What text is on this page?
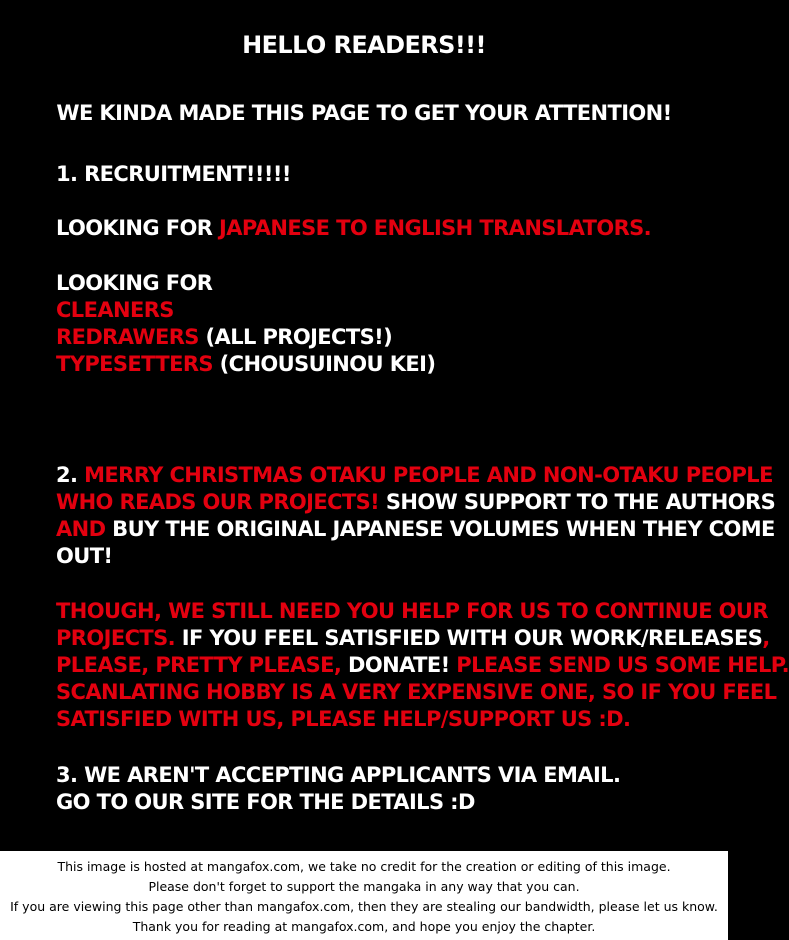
HELLO READERS!!!

WE KINDA MADE THIS PAGE TO GET YOUR ATTENTION!

1. RECRUITMENT!!!!!

LOOKING FOR JAPANESE TO ENGLISH TRANSLATORS.

LOOKING FOR

CLEANERS

REDRAWERS (ALL PROJECTS!)

TYPESETTERS (CHOUSUINOU KEI)

2. MERRY CHRISTMAS OTAKU PEOPLE AND NON-OTAKU PEOPLE

WHO READS OUR PROJECTS! SHOW SUPPORT TO THE AUTHORS

AND BUY THE ORIGINAL JAPANESE VOLUMES WHEN THEY COME

OUT!

THOUGH, WE STILL NEED YOU HELP FOR US TO CONTINUE OUR

PROJECTS. IF YOU FEEL SATISFIED WITH OUR WORK/RELEASES,

PLEASE, PRETTY PLEASE, DONATE! PLEASE SEND US SOME HELP.

SCANLATING HOBBY IS A VERY EXPENSIVE ONE, SO IF YOU FEEL

SATISFIED WITH US, PLEASE HELP/SUPPORT US :D.

3. WE AREN'T ACCEPTING APPLICANTS VIA EMAIL.

GO TO OUR SITE FOR THE DETAILS :D

This image is hosted at mangafox.com, we take no credit for the creation or editing of this image.

Please don't forget to support the mangaka in any way that you can.

If you are viewing this page other than mangafox.com, then they are stealing our bandwidth, please let us know.

Thank you for reading at mangafox.com, and hope you enjoy the chapter.
